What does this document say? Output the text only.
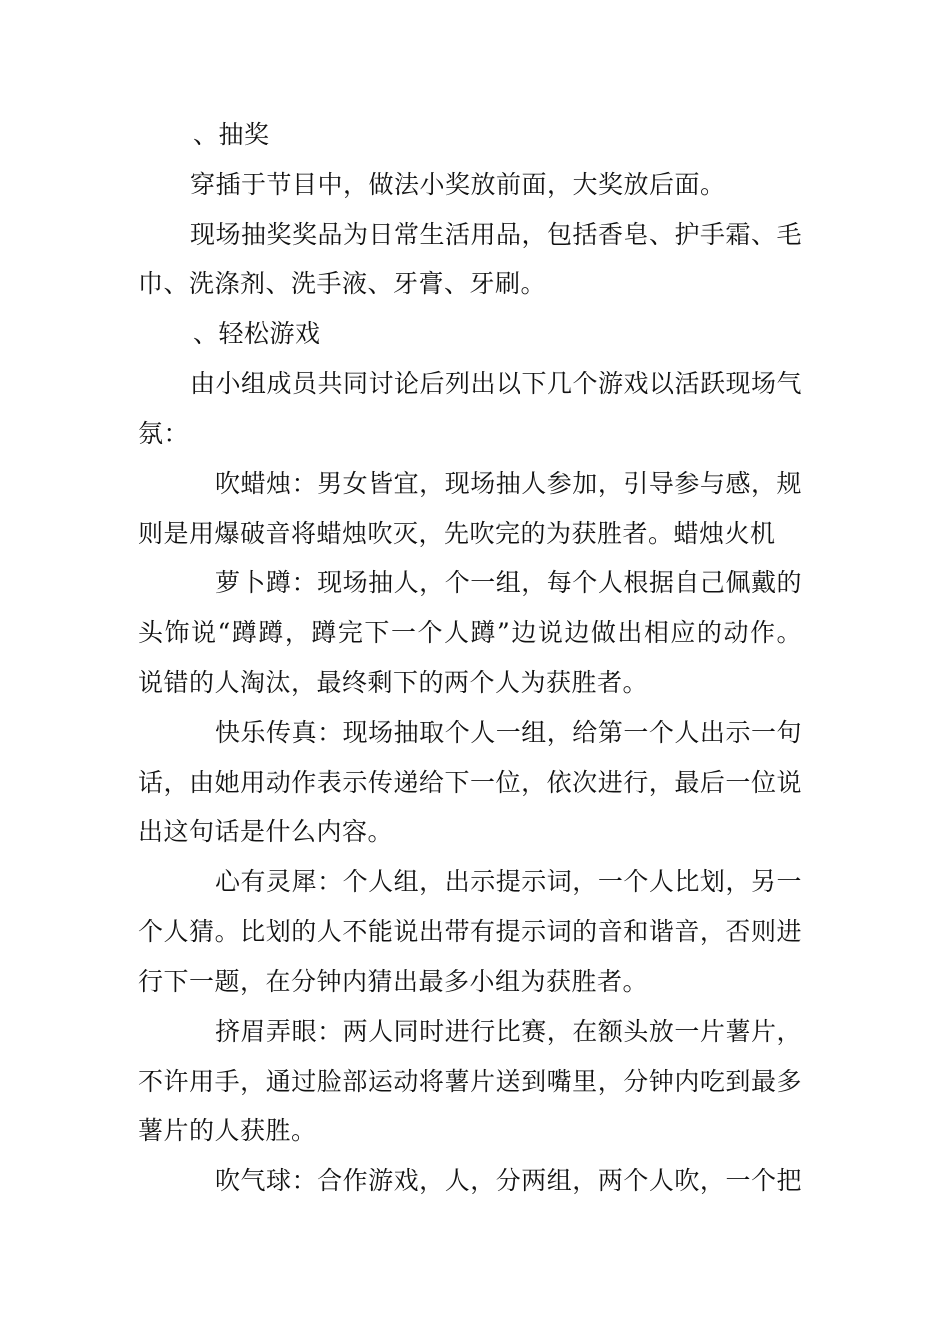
、抽奖
穿插于节目中，做法小奖放前面，大奖放后面。
现场抽奖奖品为日常生活用品，包括香皂、护手霜、毛
巾、洗涤剂、洗手液、牙膏、牙刷。
、轻松游戏
由小组成员共同讨论后列出以下几个游戏以活跃现场气
氛：
吹蜡烛：男女皆宜，现场抽人参加，引导参与感，规
则是用爆破音将蜡烛吹灭，先吹完的为获胜者。蜡烛火机
萝卜蹲：现场抽人，个一组，每个人根据自己佩戴的
头饰说“蹲蹲，蹲完下一个人蹲”边说边做出相应的动作。
说错的人淘汰，最终剩下的两个人为获胜者。
快乐传真：现场抽取个人一组，给第一个人出示一句
话，由她用动作表示传递给下一位，依次进行，最后一位说
出这句话是什么内容。
心有灵犀：个人组，出示提示词，一个人比划，另一
个人猜。比划的人不能说出带有提示词的音和谐音，否则进
行下一题，在分钟内猜出最多小组为获胜者。
挤眉弄眼：两人同时进行比赛，在额头放一片薯片，
不许用手，通过脸部运动将薯片送到嘴里，分钟内吃到最多
薯片的人获胜。
吹气球：合作游戏，人，分两组，两个人吹，一个把
